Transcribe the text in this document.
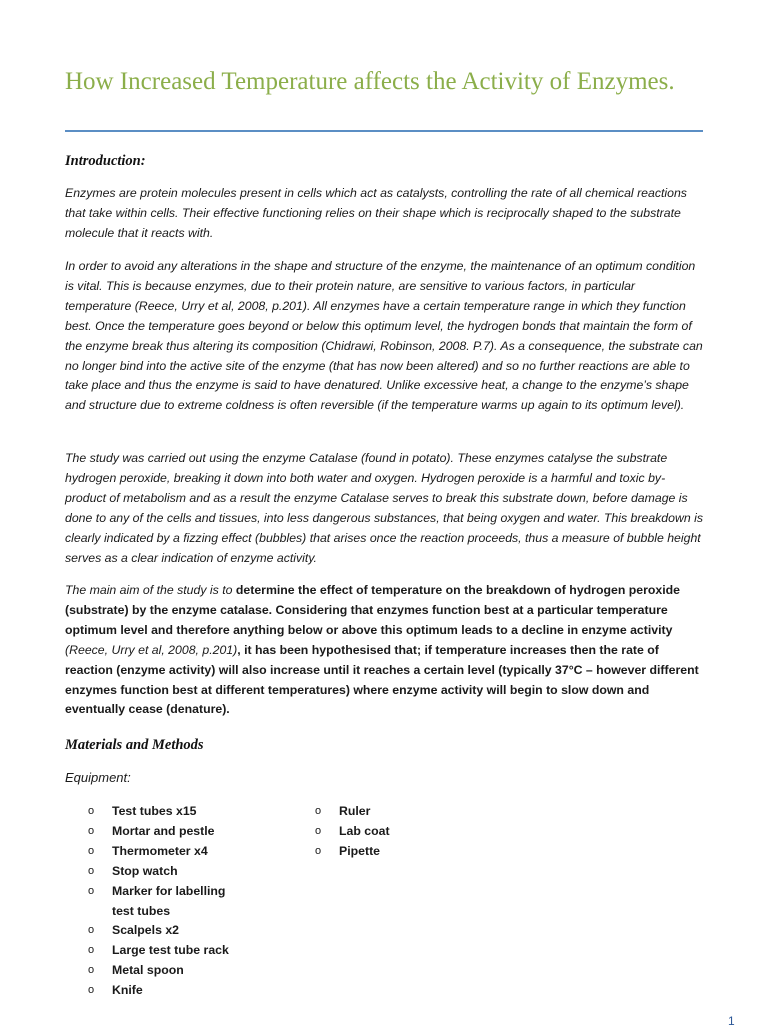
How Increased Temperature affects the Activity of Enzymes.
Introduction:

Enzymes are protein molecules present in cells which act as catalysts, controlling the rate of all chemical reactions that take within cells. Their effective functioning relies on their shape which is reciprocally shaped to the substrate molecule that it reacts with.

In order to avoid any alterations in the shape and structure of the enzyme, the maintenance of an optimum condition is vital. This is because enzymes, due to their protein nature, are sensitive to various factors, in particular temperature (Reece, Urry et al, 2008, p.201). All enzymes have a certain temperature range in which they function best. Once the temperature goes beyond or below this optimum level, the hydrogen bonds that maintain the form of the enzyme break thus altering its composition (Chidrawi, Robinson, 2008. P.7). As a consequence, the substrate can no longer bind into the active site of the enzyme (that has now been altered) and so no further reactions are able to take place and thus the enzyme is said to have denatured. Unlike excessive heat, a change to the enzyme’s shape and structure due to extreme coldness is often reversible (if the temperature warms up again to its optimum level).

The study was carried out using the enzyme Catalase (found in potato). These enzymes catalyse the substrate hydrogen peroxide, breaking it down into both water and oxygen. Hydrogen peroxide is a harmful and toxic by-product of metabolism and as a result the enzyme Catalase serves to break this substrate down, before damage is done to any of the cells and tissues, into less dangerous substances, that being oxygen and water. This breakdown is clearly indicated by a fizzing effect (bubbles) that arises once the reaction proceeds, thus a measure of bubble height serves as a clear indication of enzyme activity.

The main aim of the study is to determine the effect of temperature on the breakdown of hydrogen peroxide (substrate) by the enzyme catalase. Considering that enzymes function best at a particular temperature optimum level and therefore anything below or above this optimum leads to a decline in enzyme activity (Reece, Urry et al, 2008, p.201), it has been hypothesised that; if temperature increases then the rate of reaction (enzyme activity) will also increase until it reaches a certain level (typically 37°C – however different enzymes function best at different temperatures) where enzyme activity will begin to slow down and eventually cease (denature).

Materials and Methods

Equipment:

o Test tubes x15
o Mortar and pestle
o Thermometer x4
o Stop watch
o Marker for labelling test tubes
o Scalpels x2
o Large test tube rack
o Metal spoon
o Knife
o Ruler
o Lab coat
o Pipette
1
